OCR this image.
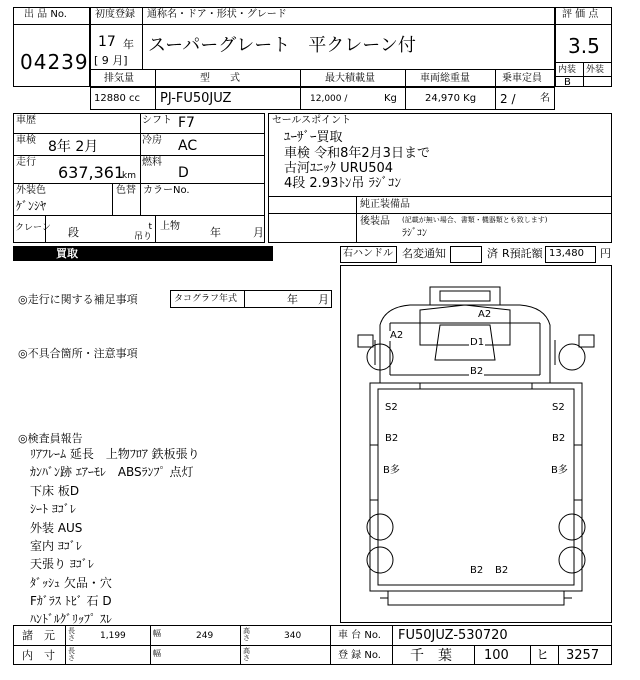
出 品 No.
04239
初度登録 通称名・ドア・形状・グレード
17 年
[ 9 月]
スーパーグレート　平クレーン付
評 価 点
3.5
内装 外装
B
排気量	型　　式	最大積載量	車両総重量	乗車定員
12880 cc PJ-FU50JUZ	12,000 /	Kg	24,970 Kg 2 / 名
車歴
車検 8年 2月
走行
637,361
km
シフト F7
冷房 AC
燃料
D
外装色
ｹﾞﾝｼﾔ
色替 カラーNo.
クレーン 段	t
吊り
上物	年	月
セールスポイント
ﾕｰｻﾞｰ買取
車検 令和8年2月3日まで
古河ﾕﾆｯｸ URU504
4段 2.93ﾄﾝ吊 ﾗｼﾞｺﾝ
純正装備品
後装品 (記載が無い場合、書類・機器類とも致します)
ﾗｼﾞｺﾝ
買取	右ハンドル 名変通知	済 R預託額 13,480 円
◎走行に関する補足事項	タコグラフ年式	年 月
◎不具合箇所・注意事項
◎検査員報告
ﾘｱﾌﾚｰﾑ 延長　上物ﾌﾛｱ 鉄板張り
ｶﾝﾊﾞﾝ跡 ｴｱｰﾓﾚ　ABSﾗﾝﾌﾟ 点灯
下床 板D
ｼｰﾄ ﾖｺﾞﾚ
外装 AUS
室内 ﾖｺﾞﾚ
天張り ﾖｺﾞﾚ
ﾀﾞｯｼｭ 欠品・穴
Fｶﾞﾗｽ ﾄﾋﾞ 石 D
ﾊﾝﾄﾞﾙｸﾞﾘｯﾌﾟ ｽﾚ
A2
A2
D1
B2
S2	S2
B2	B2
B多	B多
B2 B2
諸　元 長さ	1,199	幅	249	高さ	340	車 台 No. FU50JUZ-530720
内　寸 長さ	幅	高さ	登 録 No. 千　葉 100 ヒ 3257
